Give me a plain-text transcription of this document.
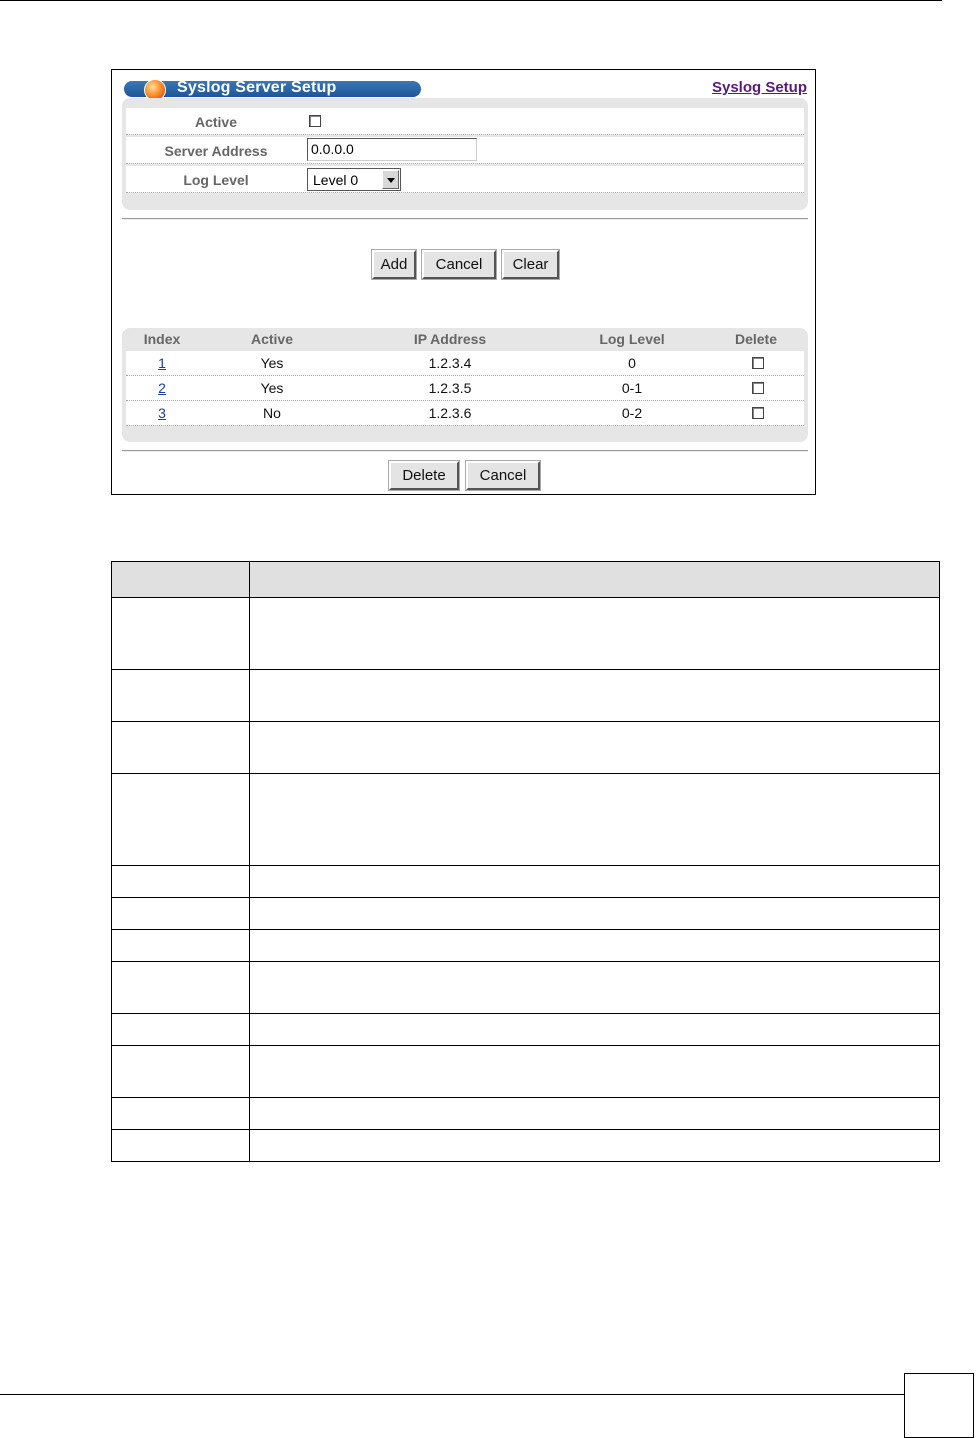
Syslog Server Setup	Syslog Setup
Active
Server Address	0.0.0.0
Log Level	Level 0
Add	Cancel	Clear
Index	Active	IP Address	Log Level	Delete
1	Yes	1.2.3.4	0
2	Yes	1.2.3.5	0-1
3	No	1.2.3.6	0-2
Delete	Cancel
